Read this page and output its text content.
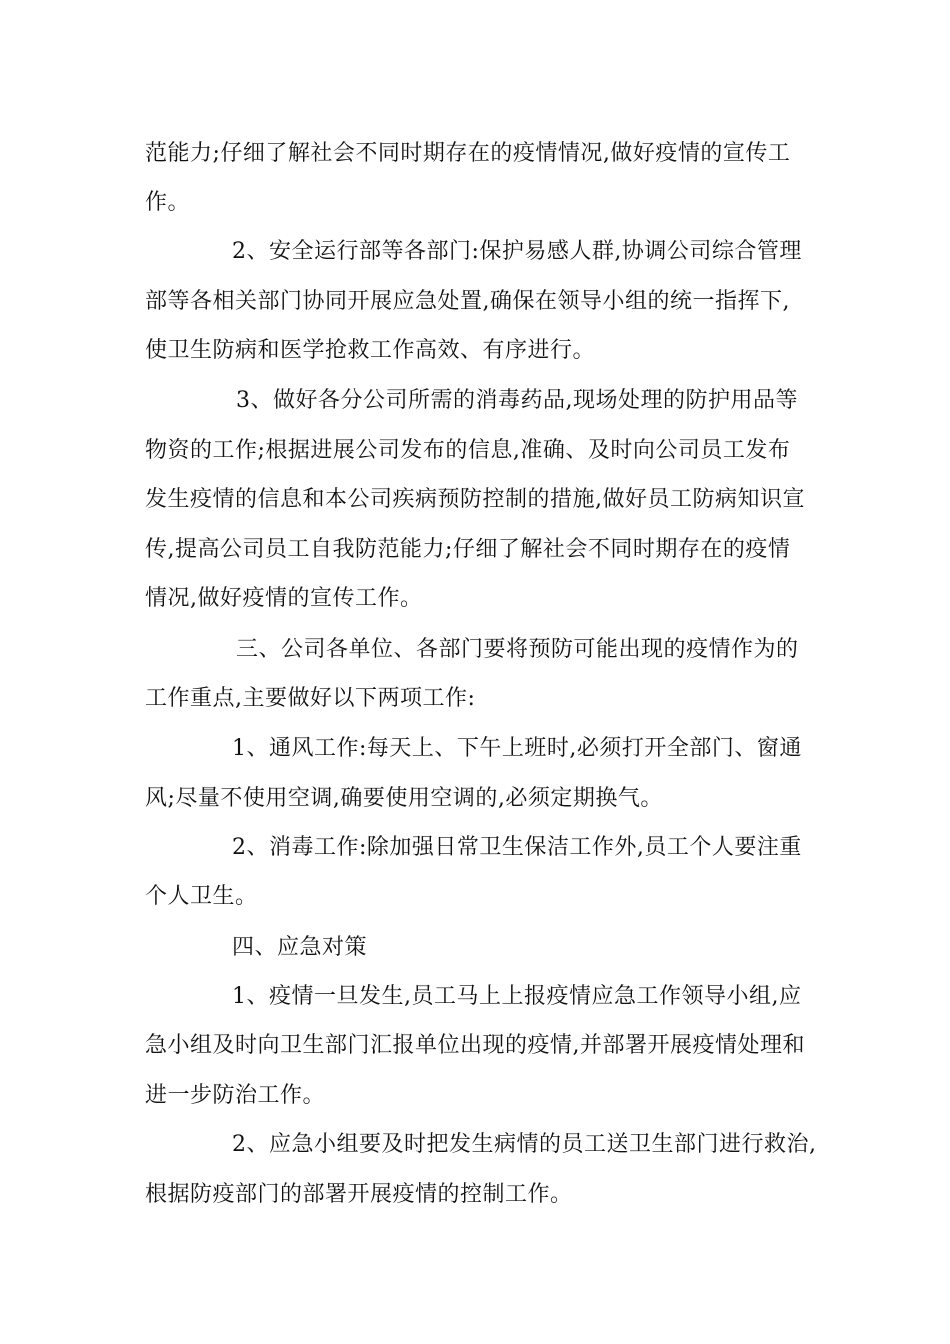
范能力;仔细了解社会不同时期存在的疫情情况,做好疫情的宣传工
作。
2、安全运行部等各部门:保护易感人群,协调公司综合管理
部等各相关部门协同开展应急处置,确保在领导小组的统一指挥下,
使卫生防病和医学抢救工作高效、有序进行。
3、做好各分公司所需的消毒药品,现场处理的防护用品等
物资的工作;根据进展公司发布的信息,准确、及时向公司员工发布
发生疫情的信息和本公司疾病预防控制的措施,做好员工防病知识宣
传,提高公司员工自我防范能力;仔细了解社会不同时期存在的疫情
情况,做好疫情的宣传工作。
三、公司各单位、各部门要将预防可能出现的疫情作为的
工作重点,主要做好以下两项工作:
1、通风工作:每天上、下午上班时,必须打开全部门、窗通
风;尽量不使用空调,确要使用空调的,必须定期换气。
2、消毒工作:除加强日常卫生保洁工作外,员工个人要注重
个人卫生。
四、应急对策
1、疫情一旦发生,员工马上上报疫情应急工作领导小组,应
急小组及时向卫生部门汇报单位出现的疫情,并部署开展疫情处理和
进一步防治工作。
2、应急小组要及时把发生病情的员工送卫生部门进行救治,
根据防疫部门的部署开展疫情的控制工作。
